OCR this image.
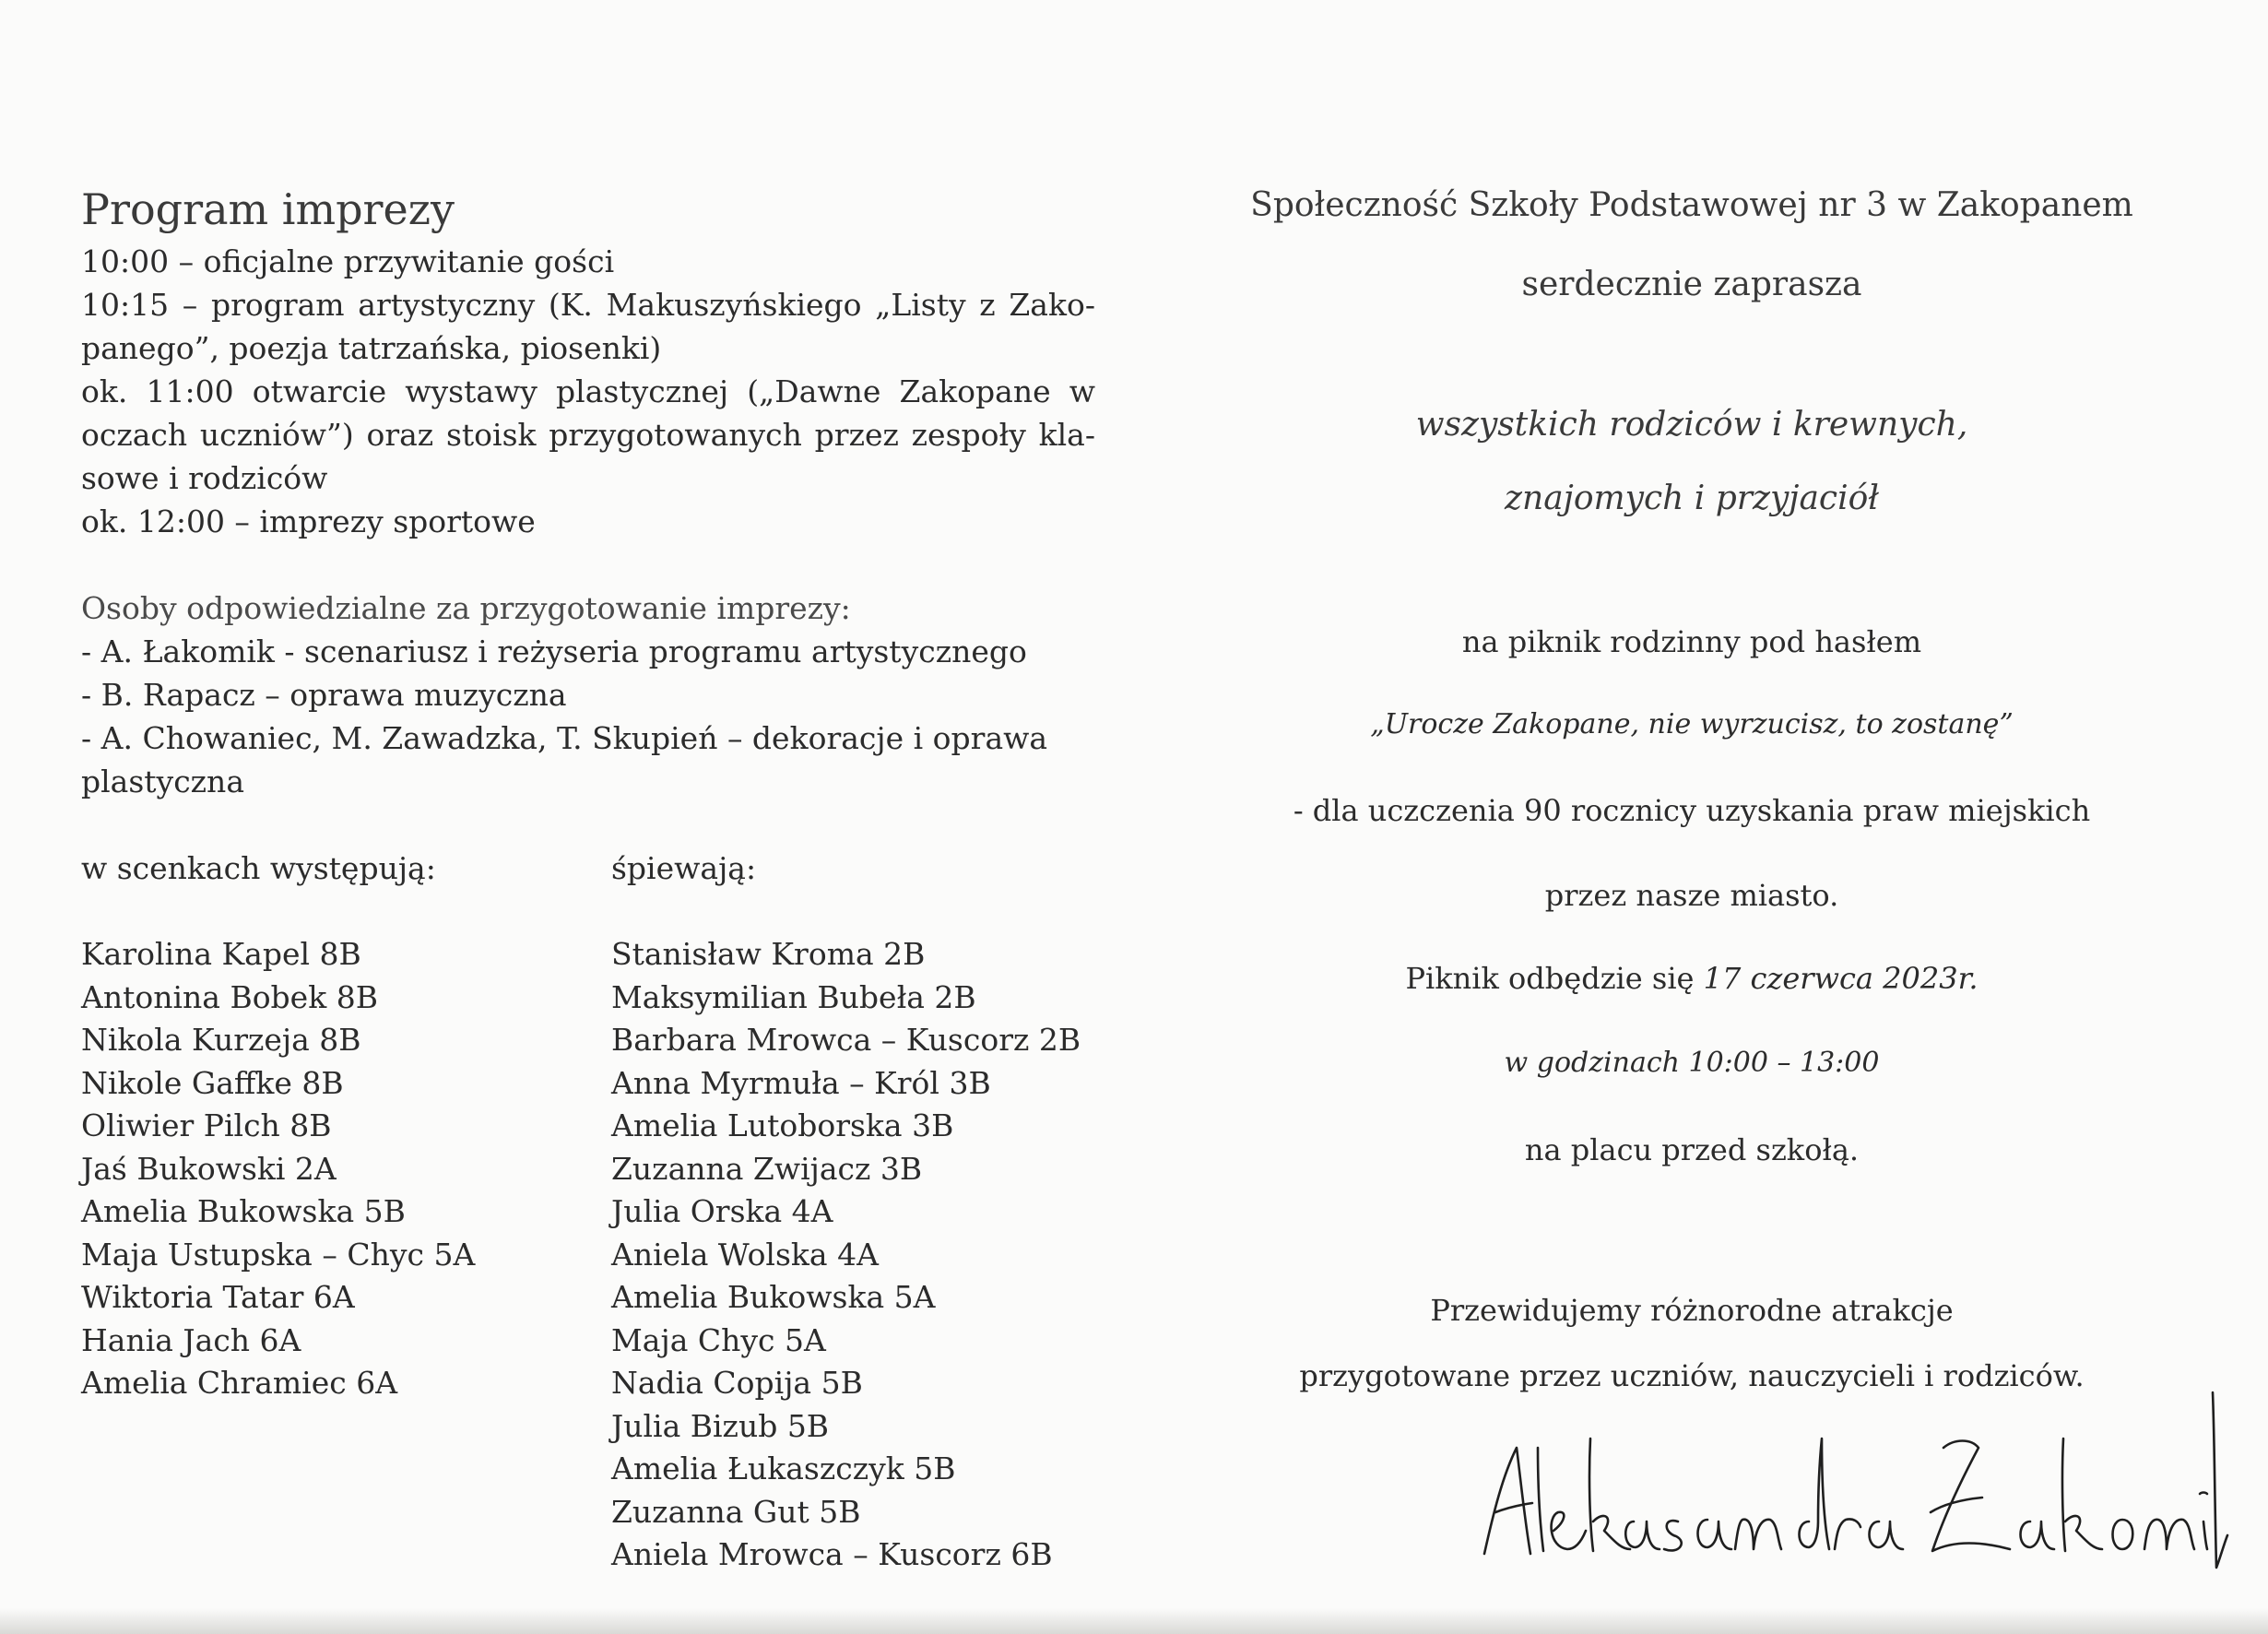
Program imprezy
10:00 – oficjalne przywitanie gości
10:15 – program artystyczny (K. Makuszyńskiego „Listy z Zako-
panego”, poezja tatrzańska, piosenki)
ok. 11:00 otwarcie wystawy plastycznej („Dawne Zakopane w
oczach uczniów”) oraz stoisk przygotowanych przez zespoły kla-
sowe i rodziców
ok. 12:00 – imprezy sportowe
Osoby odpowiedzialne za przygotowanie imprezy:
- A. Łakomik - scenariusz i reżyseria programu artystycznego
- B. Rapacz – oprawa muzyczna
- A. Chowaniec, M. Zawadzka, T. Skupień – dekoracje i oprawa
plastyczna
w scenkach występują:
Karolina Kapel 8B
Antonina Bobek 8B
Nikola Kurzeja 8B
Nikole Gaffke 8B
Oliwier Pilch 8B
Jaś Bukowski 2A
Amelia Bukowska 5B
Maja Ustupska – Chyc 5A
Wiktoria Tatar 6A
Hania Jach 6A
Amelia Chramiec 6A
śpiewają:
Stanisław Kroma 2B
Maksymilian Bubeła 2B
Barbara Mrowca – Kuscorz 2B
Anna Myrmuła – Król 3B
Amelia Lutoborska 3B
Zuzanna Zwijacz 3B
Julia Orska 4A
Aniela Wolska 4A
Amelia Bukowska 5A
Maja Chyc 5A
Nadia Copija 5B
Julia Bizub 5B
Amelia Łukaszczyk 5B
Zuzanna Gut 5B
Aniela Mrowca – Kuscorz 6B
Społeczność Szkoły Podstawowej nr 3 w Zakopanem
serdecznie zaprasza
wszystkich rodziców i krewnych,
znajomych i przyjaciół
na piknik rodzinny pod hasłem
„Urocze Zakopane, nie wyrzucisz, to zostanę”
- dla uczczenia 90 rocznicy uzyskania praw miejskich
przez nasze miasto.
Piknik odbędzie się 17 czerwca 2023r.
w godzinach 10:00 – 13:00
na placu przed szkołą.
Przewidujemy różnorodne atrakcje
przygotowane przez uczniów, nauczycieli i rodziców.
